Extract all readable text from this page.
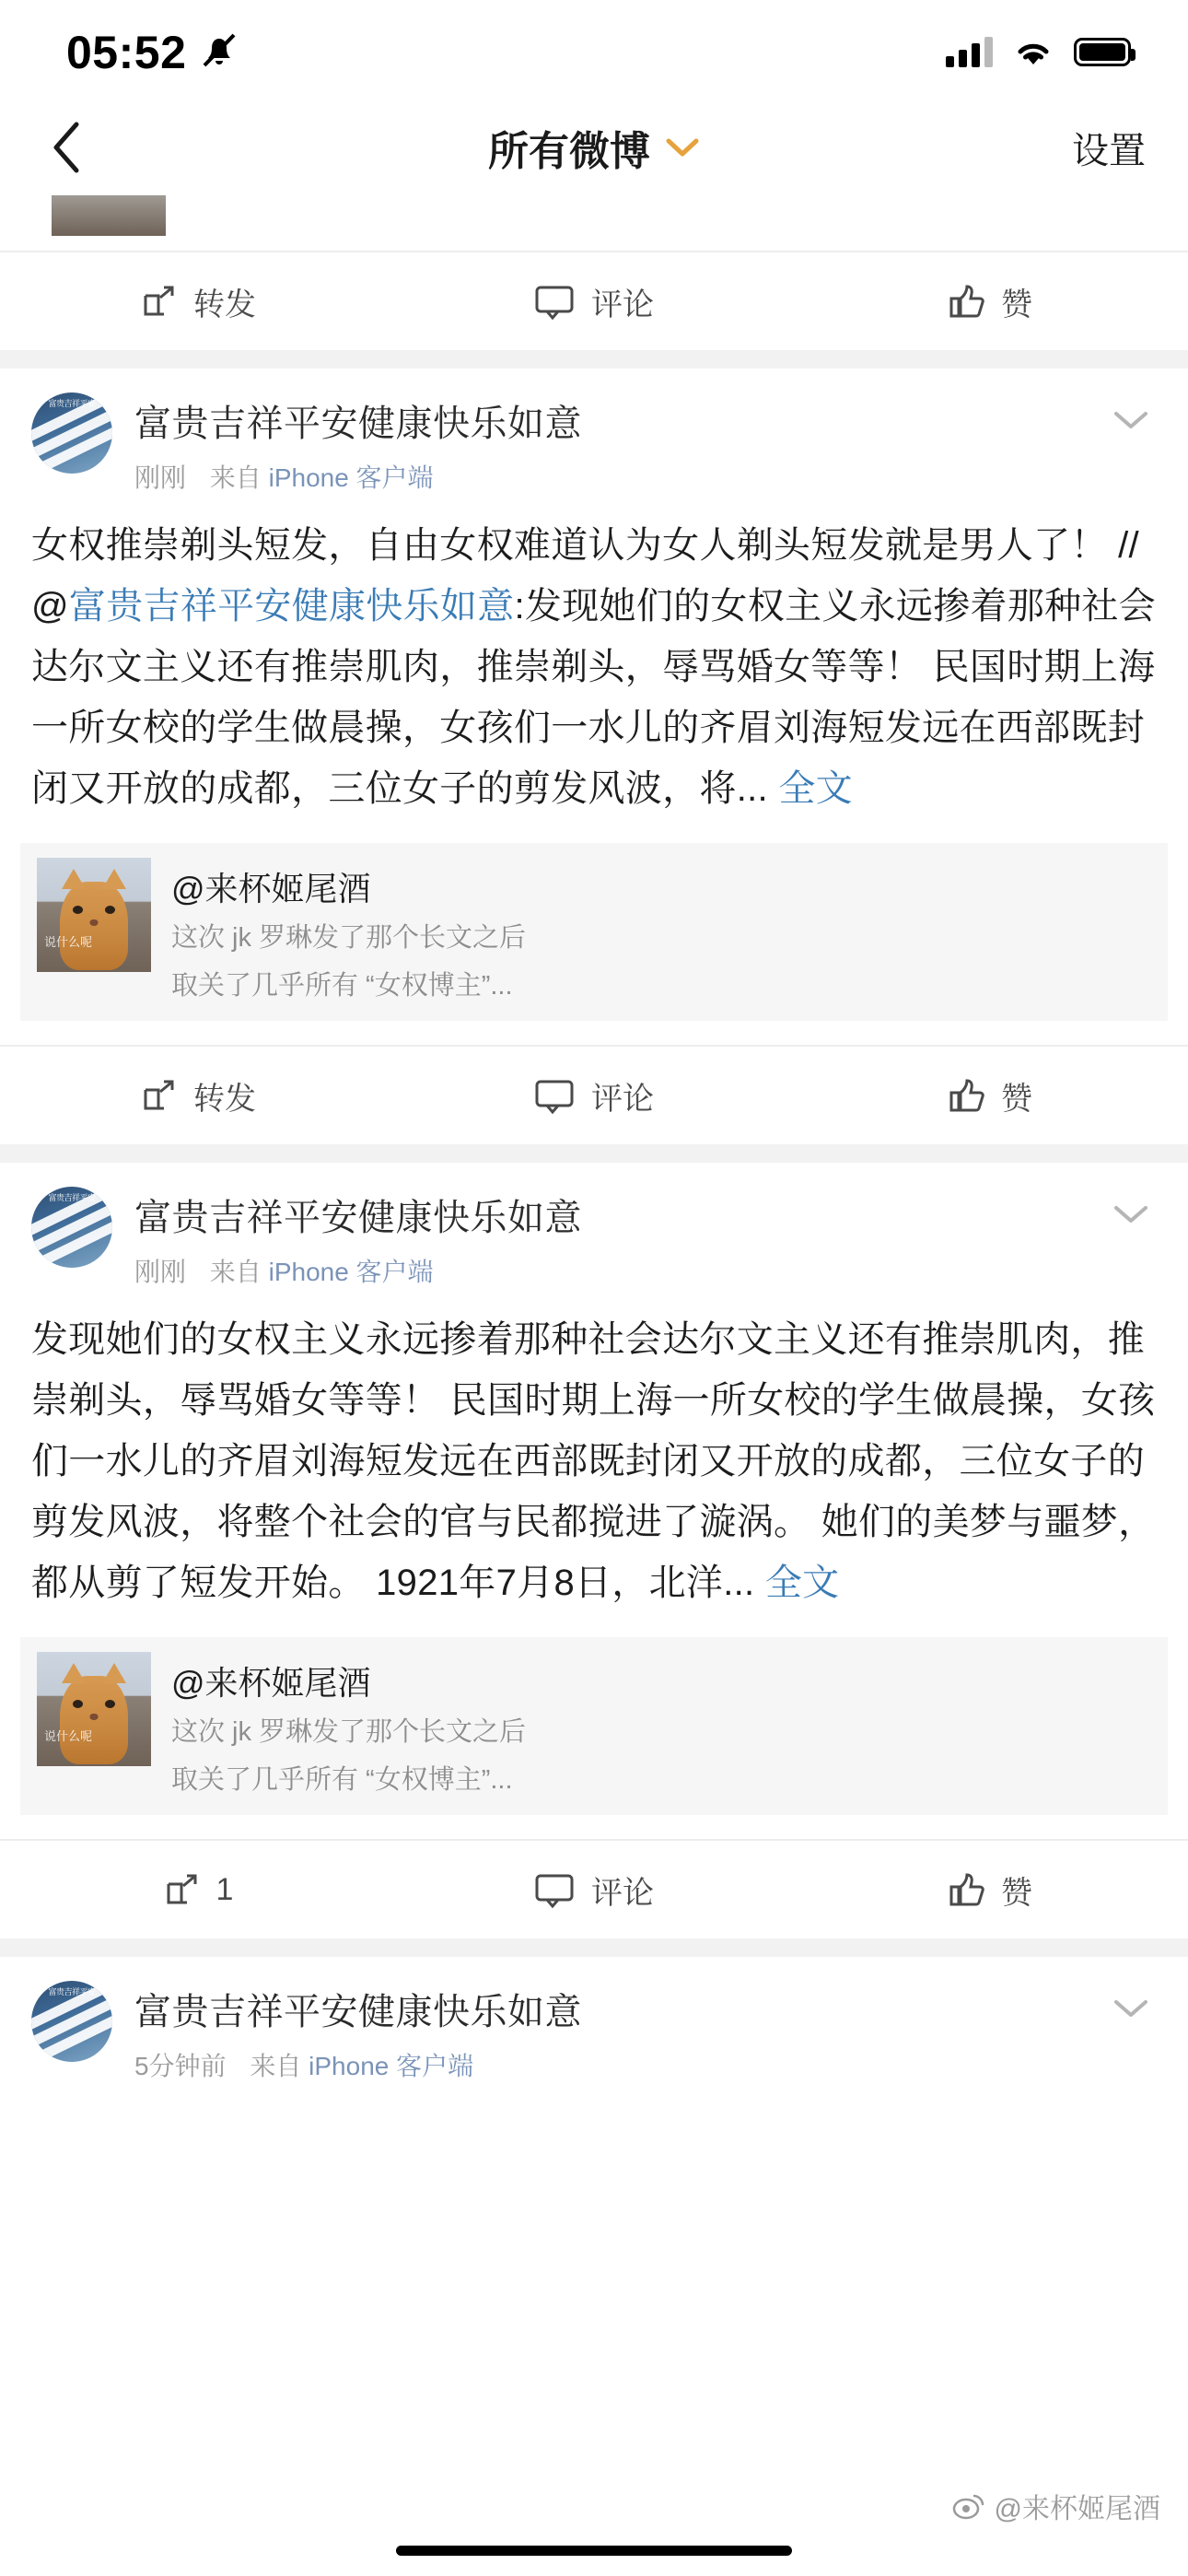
05:52
所有微博	设置
转发	评论	赞
富贵吉祥平安	富贵吉祥平安健康快乐如意
刚刚 来自 iPhone 客户端
女权推崇剃头短发，自由女权难道认为女人剃头短发就是男人了！ //@富贵吉祥平安健康快乐如意:发现她们的女权主义永远掺着那种社会达尔文主义还有推崇肌肉，推崇剃头，辱骂婚女等等！ 民国时期上海一所女校的学生做晨操，女孩们一水儿的齐眉刘海短发远在西部既封闭又开放的成都，三位女子的剪发风波，将... 全文
说什么呢
@来杯姬尾酒
这次 jk 罗琳发了那个长文之后
取关了几乎所有 “女权博主”...
转发	评论	赞
富贵吉祥平安	富贵吉祥平安健康快乐如意
刚刚 来自 iPhone 客户端
发现她们的女权主义永远掺着那种社会达尔文主义还有推崇肌肉，推崇剃头，辱骂婚女等等！ 民国时期上海一所女校的学生做晨操，女孩们一水儿的齐眉刘海短发远在西部既封闭又开放的成都，三位女子的剪发风波，将整个社会的官与民都搅进了漩涡。 她们的美梦与噩梦，都从剪了短发开始。 1921年7月8日，北洋... 全文
说什么呢
@来杯姬尾酒
这次 jk 罗琳发了那个长文之后
取关了几乎所有 “女权博主”...
1	评论	赞
富贵吉祥平安	富贵吉祥平安健康快乐如意
5分钟前 来自 iPhone 客户端
@来杯姬尾酒
